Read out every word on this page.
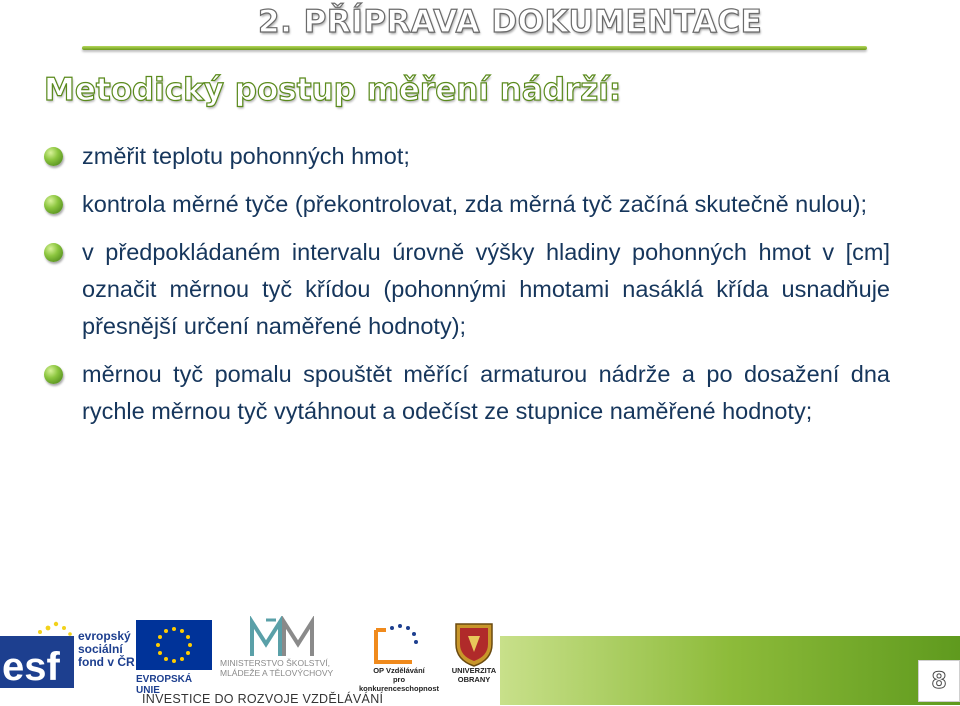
2. PŘÍPRAVA DOKUMENTACE
Metodický postup měření nádrží:
změřit teplotu pohonných hmot;
kontrola měrné tyče (překontrolovat, zda měrná tyč začíná skutečně nulou);
v předpokládaném intervalu úrovně výšky hladiny pohonných hmot v [cm] označit měrnou tyč křídou (pohonnými hmotami nasáklá křída usnadňuje přesnější určení naměřené hodnoty);
měrnou tyč pomalu spouštět měřící armaturou nádrže a po dosažení dna rychle měrnou tyč vytáhnout a odečíst ze stupnice naměřené hodnoty;
8
esf
evropský
sociální
fond v ČR
EVROPSKÁ UNIE
MINISTERSTVO ŠKOLSTVÍ,
MLÁDEŽE A TĚLOVÝCHOVY	OP Vzdělávání
pro konkurenceschopnost
UNIVERZITA
OBRANY
INVESTICE DO ROZVOJE VZDĚLÁVÁNÍ
